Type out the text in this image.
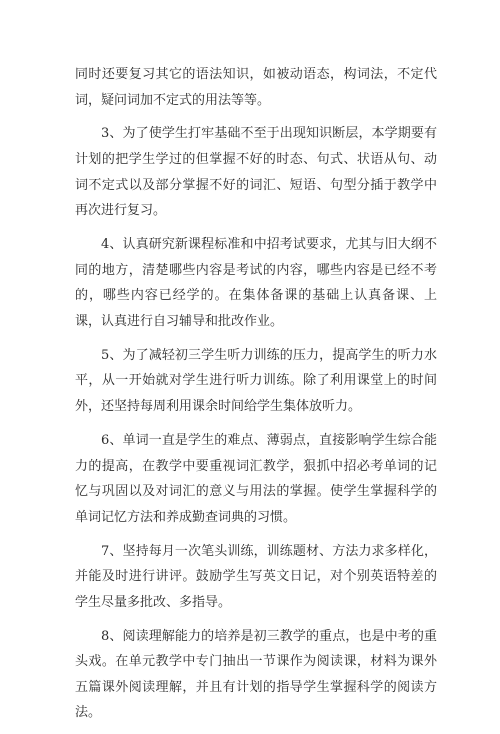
同时还要复习其它的语法知识，如被动语态，构词法，不定代词，疑问词加不定式的用法等等。

3、为了使学生打牢基础不至于出现知识断层，本学期要有计划的把学生学过的但掌握不好的时态、句式、状语从句、动词不定式以及部分掌握不好的词汇、短语、句型分插于教学中再次进行复习。

4、认真研究新课程标准和中招考试要求，尤其与旧大纲不同的地方，清楚哪些内容是考试的内容，哪些内容是已经不考的，哪些内容已经学的。在集体备课的基础上认真备课、上课，认真进行自习辅导和批改作业。

5、为了减轻初三学生听力训练的压力，提高学生的听力水平，从一开始就对学生进行听力训练。除了利用课堂上的时间外，还坚持每周利用课余时间给学生集体放听力。

6、单词一直是学生的难点、薄弱点，直接影响学生综合能力的提高，在教学中要重视词汇教学，狠抓中招必考单词的记忆与巩固以及对词汇的意义与用法的掌握。使学生掌握科学的单词记忆方法和养成勤查词典的习惯。

7、坚持每月一次笔头训练，训练题材、方法力求多样化，并能及时进行讲评。鼓励学生写英文日记，对个别英语特差的学生尽量多批改、多指导。

8、阅读理解能力的培养是初三教学的重点，也是中考的重头戏。在单元教学中专门抽出一节课作为阅读课，材料为课外五篇课外阅读理解，并且有计划的指导学生掌握科学的阅读方法。
